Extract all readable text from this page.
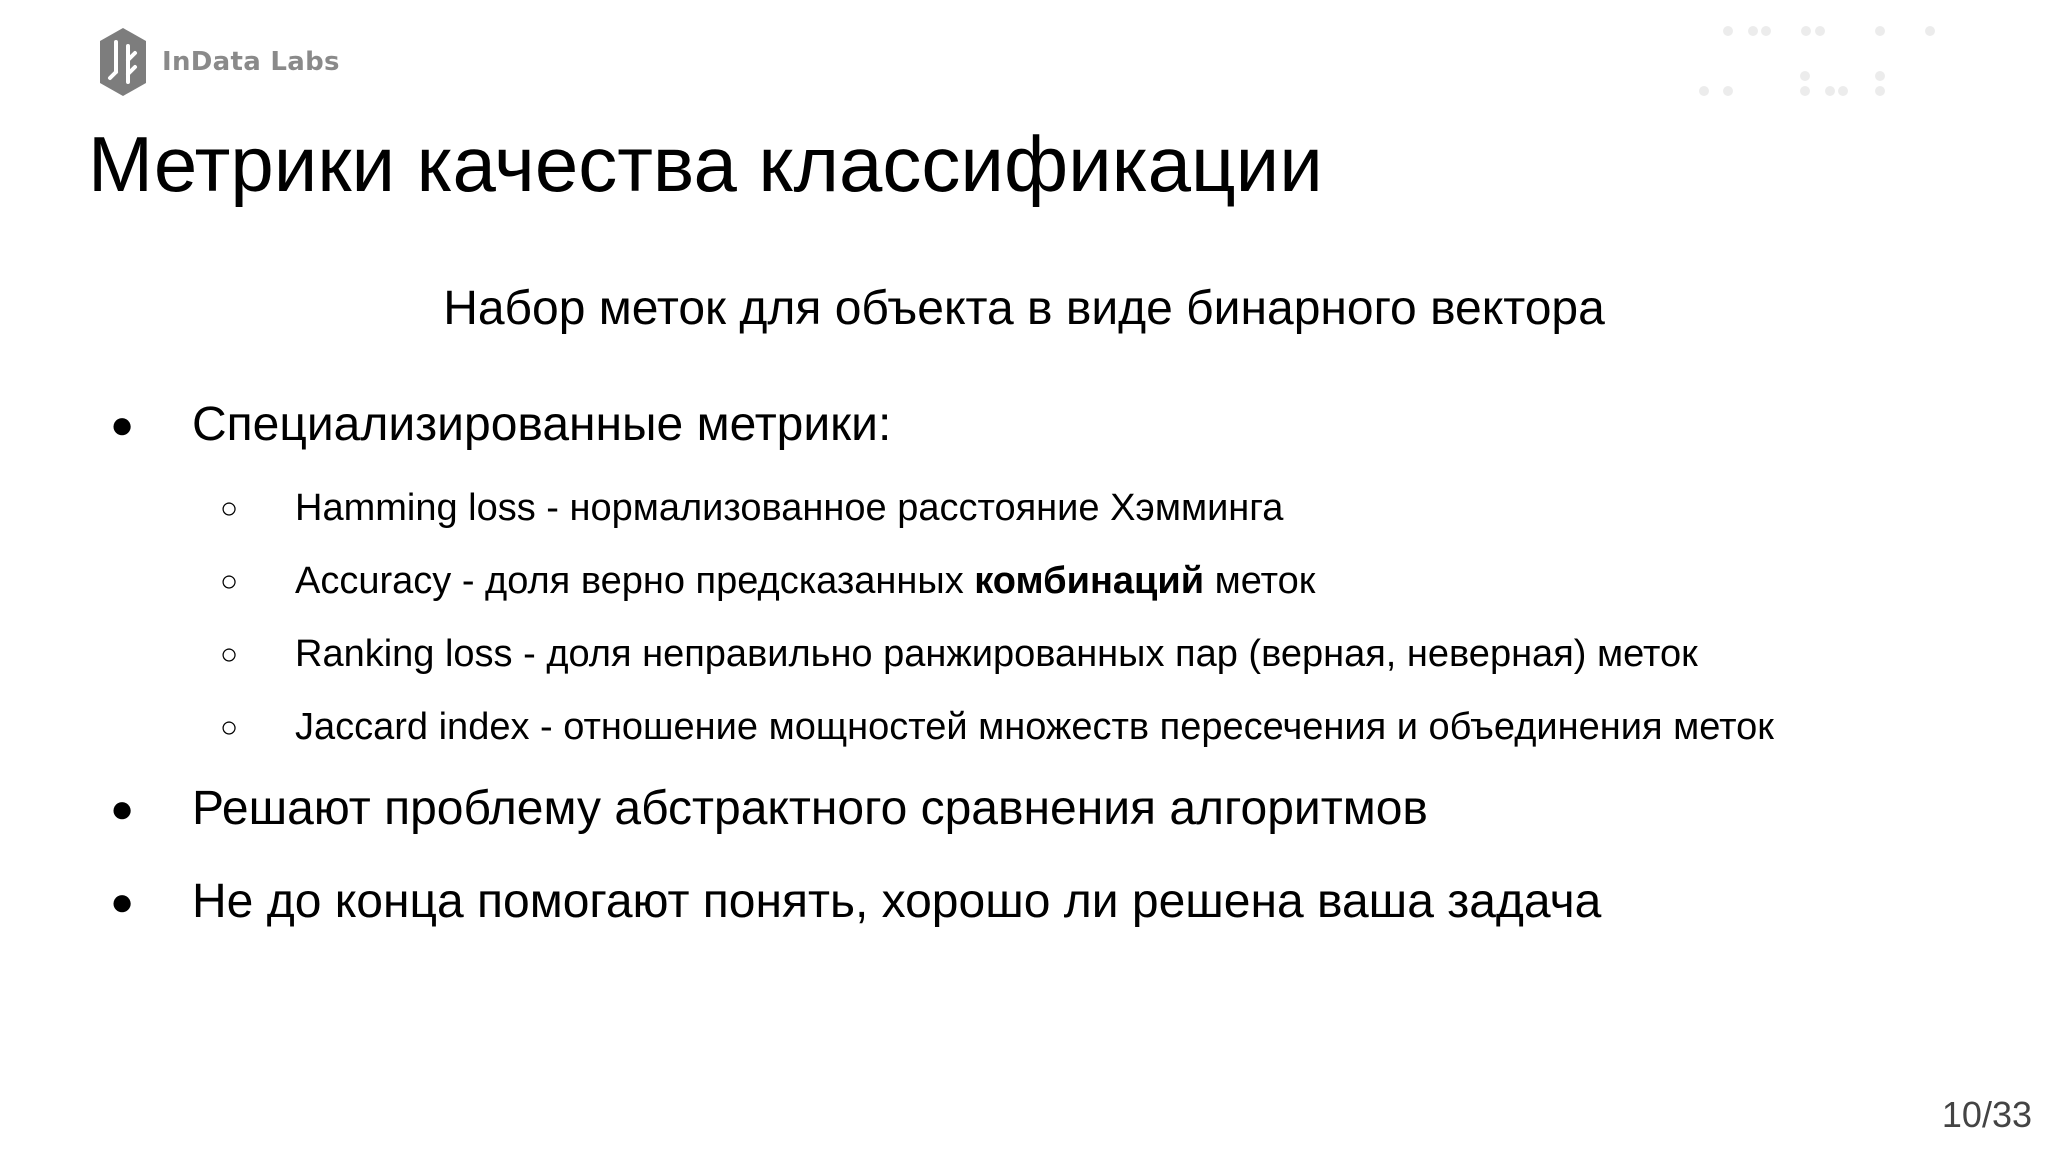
InData Labs
Метрики качества классификации
Набор меток для объекта в виде бинарного вектора
●	Специализированные метрики:
○	Hamming loss - нормализованное расстояние Хэмминга
○	Accuracy - доля верно предсказанных комбинаций меток
○	Ranking loss - доля неправильно ранжированных пар (верная, неверная) меток
○	Jaccard index - отношение мощностей множеств пересечения и объединения меток
●	Решают проблему абстрактного сравнения алгоритмов
●	Не до конца помогают понять, хорошо ли решена ваша задача
10/33
